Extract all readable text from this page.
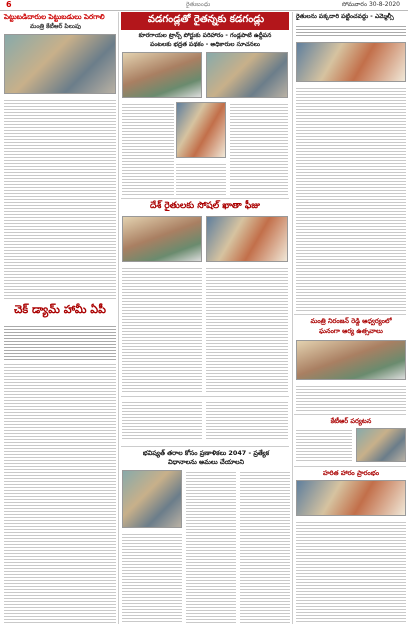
6	రైతుబంధు	సోమవారం 30-8-2020
పెట్టుబడిదారుల పెట్టుబడులు పెరగాలి
మంత్రి కేటీఆర్ పిలుపు
చెక్ డ్యామ్ హామీ ఏపీ
వడగండ్లతో రైతన్నకు కడగండ్లు
కూరగాయల ట్రాన్స్ పోర్టుకు పరిహారం - గండ్లపాటి ఉద్దీపన
పంటలకు భద్రత పథకం - అధికారుల సూచనలు
దేశ్ రైతులకు సోషల్ ఖాతా ఫీజు
భవిష్యత్ తరాల కోసం ప్రణాళికలు 2047 - ప్రత్యేక
విధానాలను అమలు చేయాలని
రైతులను పక్కదారి పట్టించవద్దు - ఎమ్మెల్సీ
మంత్రి నిరంజన్ రెడ్డి ఆధ్వర్యంలో
ఘనంగా ఆర్య ఉత్సవాలు
కేటీఆర్ పర్యటన
హరిత హారం ప్రారంభం
